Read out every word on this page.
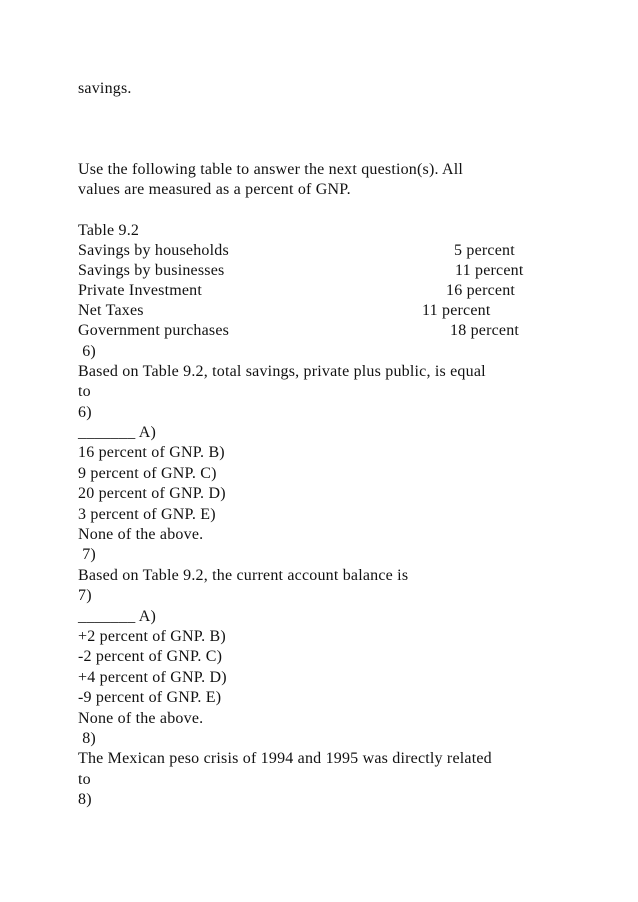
savings.
Use the following table to answer the next question(s). All
values are measured as a percent of GNP.
Table 9.2

Savings by households

	5 percent

Savings by businesses

	11 percent

Private Investment

	16 percent

Net Taxes

	11 percent

Government purchases

	18 percent

6)
Based on Table 9.2, total savings, private plus public, is equal
to
6)
_______ A)
16 percent of GNP. B)
9 percent of GNP. C)
20 percent of GNP. D)
3 percent of GNP. E)
None of the above.
7)
Based on Table 9.2, the current account balance is
7)
_______ A)
+2 percent of GNP. B)
-2 percent of GNP. C)
+4 percent of GNP. D)
-9 percent of GNP. E)
None of the above.
8)
The Mexican peso crisis of 1994 and 1995 was directly related
to
8)
